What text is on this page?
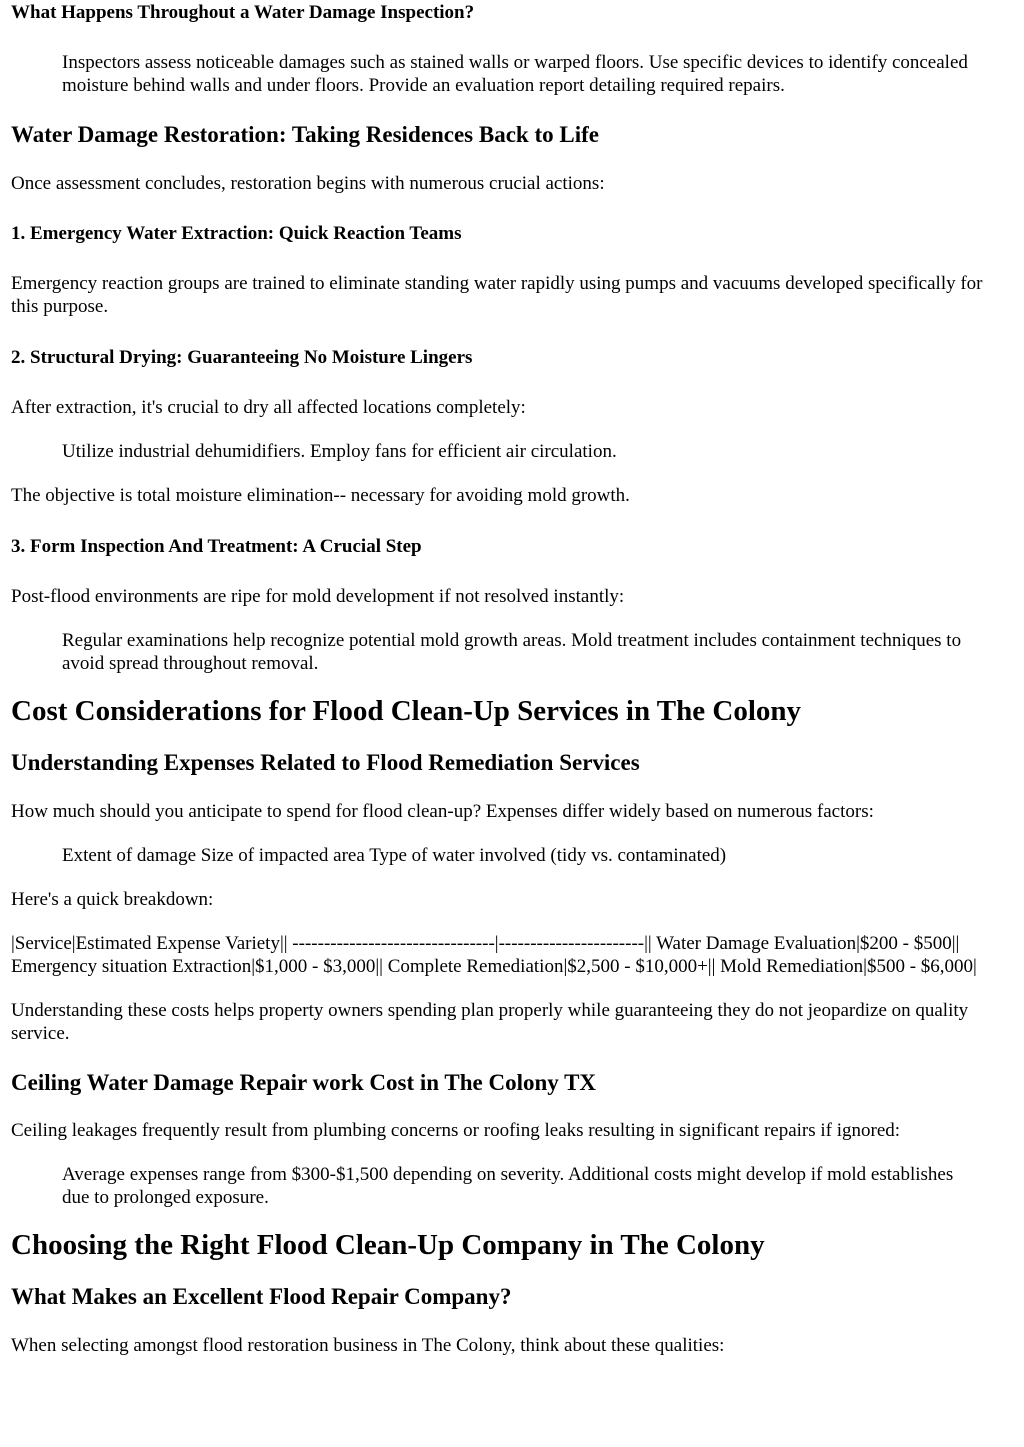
What Happens Throughout a Water Damage Inspection?

Inspectors assess noticeable damages such as stained walls or warped floors. Use specific devices to identify concealed moisture behind walls and under floors. Provide an evaluation report detailing required repairs.

Water Damage Restoration: Taking Residences Back to Life

Once assessment concludes, restoration begins with numerous crucial actions:

1. Emergency Water Extraction: Quick Reaction Teams

Emergency reaction groups are trained to eliminate standing water rapidly using pumps and vacuums developed specifically for this purpose.

2. Structural Drying: Guaranteeing No Moisture Lingers

After extraction, it's crucial to dry all affected locations completely:

Utilize industrial dehumidifiers. Employ fans for efficient air circulation.

The objective is total moisture elimination-- necessary for avoiding mold growth.

3. Form Inspection And Treatment: A Crucial Step

Post-flood environments are ripe for mold development if not resolved instantly:

Regular examinations help recognize potential mold growth areas. Mold treatment includes containment techniques to avoid spread throughout removal.

Cost Considerations for Flood Clean-Up Services in The Colony
Understanding Expenses Related to Flood Remediation Services

How much should you anticipate to spend for flood clean-up? Expenses differ widely based on numerous factors:

Extent of damage Size of impacted area Type of water involved (tidy vs. contaminated)

Here's a quick breakdown:

|Service|Estimated Expense Variety|| --------------------------------|-----------------------|| Water Damage Evaluation|$200 - $500|| Emergency situation Extraction|$1,000 - $3,000|| Complete Remediation|$2,500 - $10,000+|| Mold Remediation|$500 - $6,000|

Understanding these costs helps property owners spending plan properly while guaranteeing they do not jeopardize on quality service.

Ceiling Water Damage Repair work Cost in The Colony TX

Ceiling leakages frequently result from plumbing concerns or roofing leaks resulting in significant repairs if ignored:

Average expenses range from $300-$1,500 depending on severity. Additional costs might develop if mold establishes due to prolonged exposure.

Choosing the Right Flood Clean-Up Company in The Colony
What Makes an Excellent Flood Repair Company?

When selecting amongst flood restoration business in The Colony, think about these qualities:
